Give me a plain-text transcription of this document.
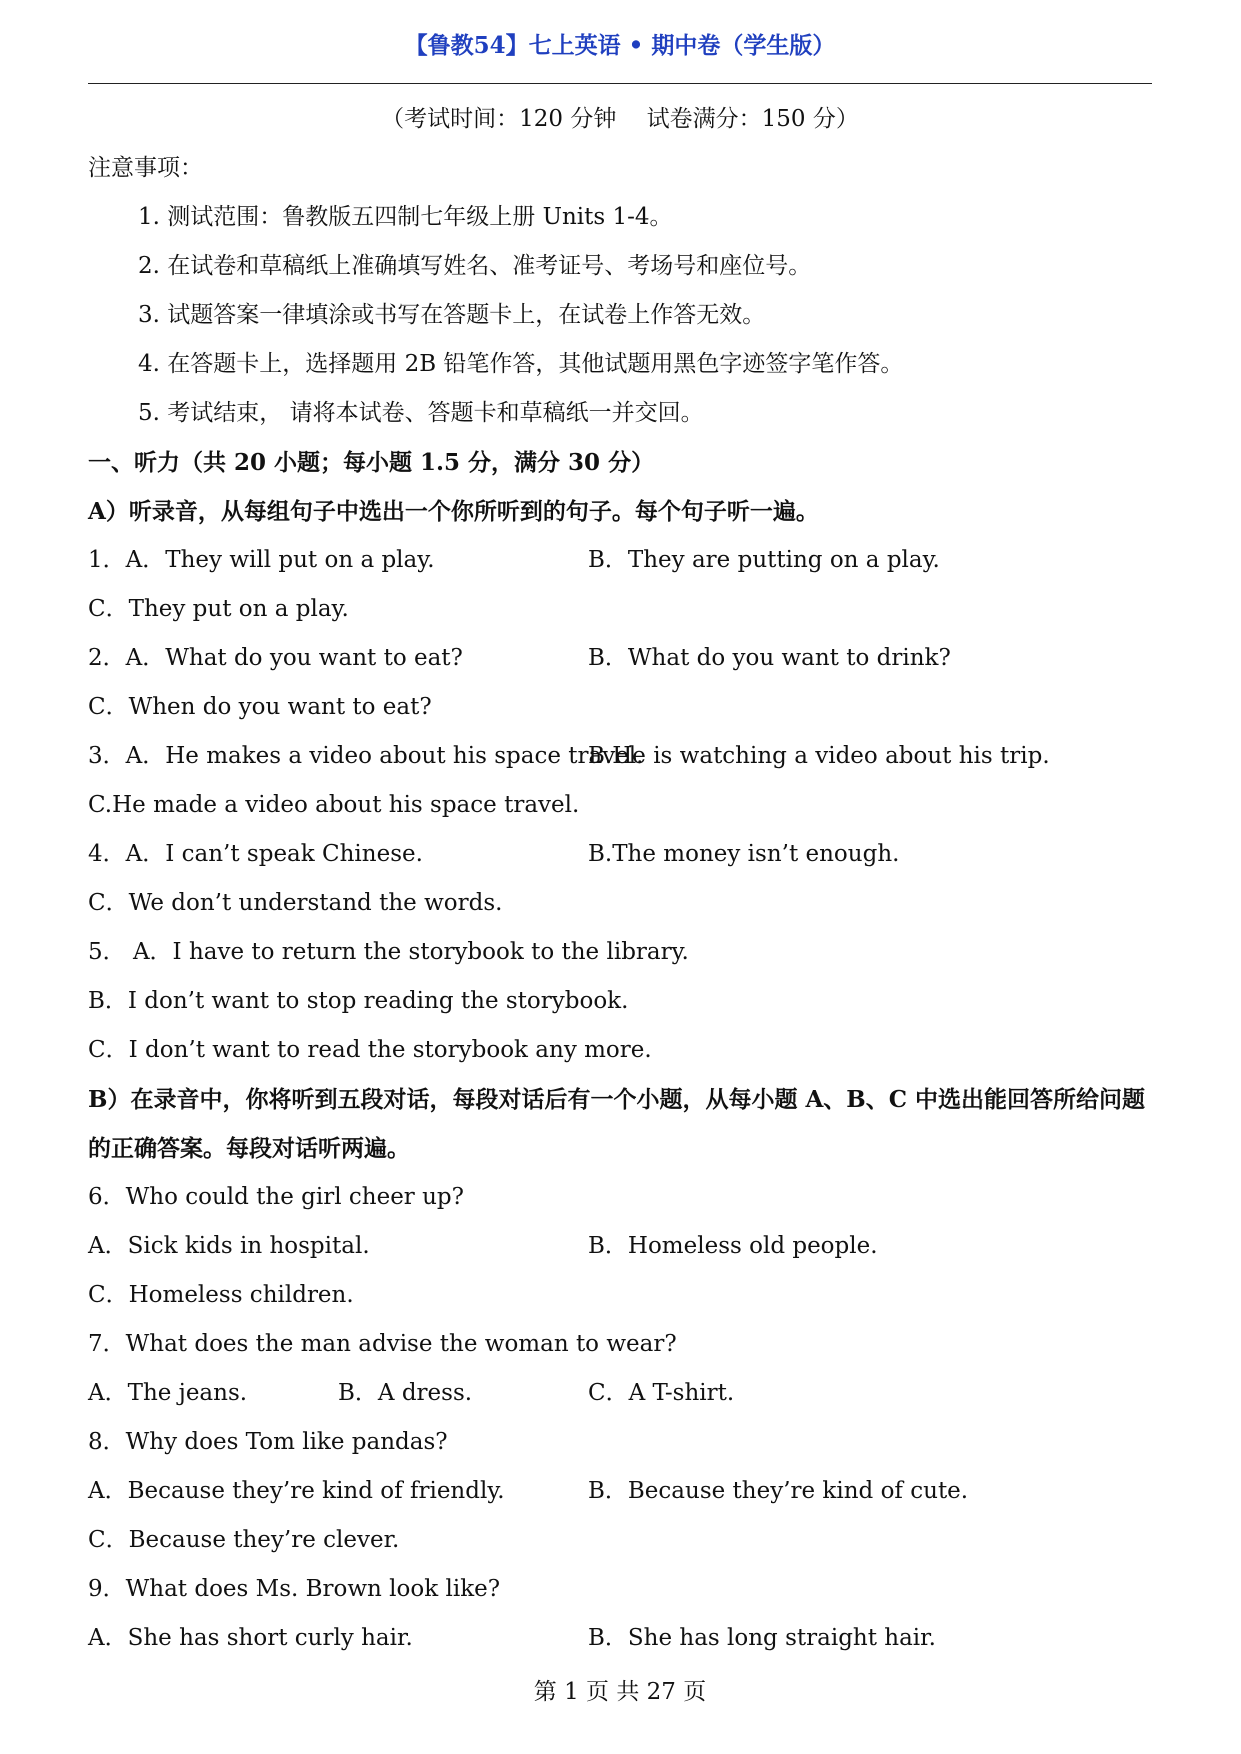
【鲁教54】七上英语 • 期中卷（学生版）
（考试时间：120 分钟　 试卷满分：150 分）
注意事项：
1. 测试范围：鲁教版五四制七年级上册 Units 1-4。
2. 在试卷和草稿纸上准确填写姓名、准考证号、考场号和座位号。
3. 试题答案一律填涂或书写在答题卡上，在试卷上作答无效。
4. 在答题卡上，选择题用 2B 铅笔作答，其他试题用黑色字迹签字笔作答。
5. 考试结束， 请将本试卷、答题卡和草稿纸一并交回。
一、听力（共 20 小题；每小题 1.5 分，满分 30 分）
A）听录音，从每组句子中选出一个你所听到的句子。每个句子听一遍。
1．A．They will put on a play.	B．They are putting on a play.
C．They put on a play.
2．A．What do you want to eat?	B．What do you want to drink?
C．When do you want to eat?
3．A．He makes a video about his space travel.
B.He is watching a video about his trip.
C.He made a video about his space travel.
4．A．I can’t speak Chinese.	B.The money isn’t enough.
C．We don’t understand the words.
5． A．I have to return the storybook to the library.
B．I don’t want to stop reading the storybook.
C．I don’t want to read the storybook any more.
B）在录音中，你将听到五段对话，每段对话后有一个小题，从每小题 A、B、C 中选出能回答所给问题的正确答案。每段对话听两遍。
6．Who could the girl cheer up?
A．Sick kids in hospital.	B．Homeless old people.
C．Homeless children.
7．What does the man advise the woman to wear?
A．The jeans.	B．A dress.	C．A T-shirt.
8．Why does Tom like pandas?
A．Because they’re kind of friendly.	B．Because they’re kind of cute.
C．Because they’re clever.
9．What does Ms. Brown look like?
A．She has short curly hair.	B．She has long straight hair.
第 1 页 共 27 页
